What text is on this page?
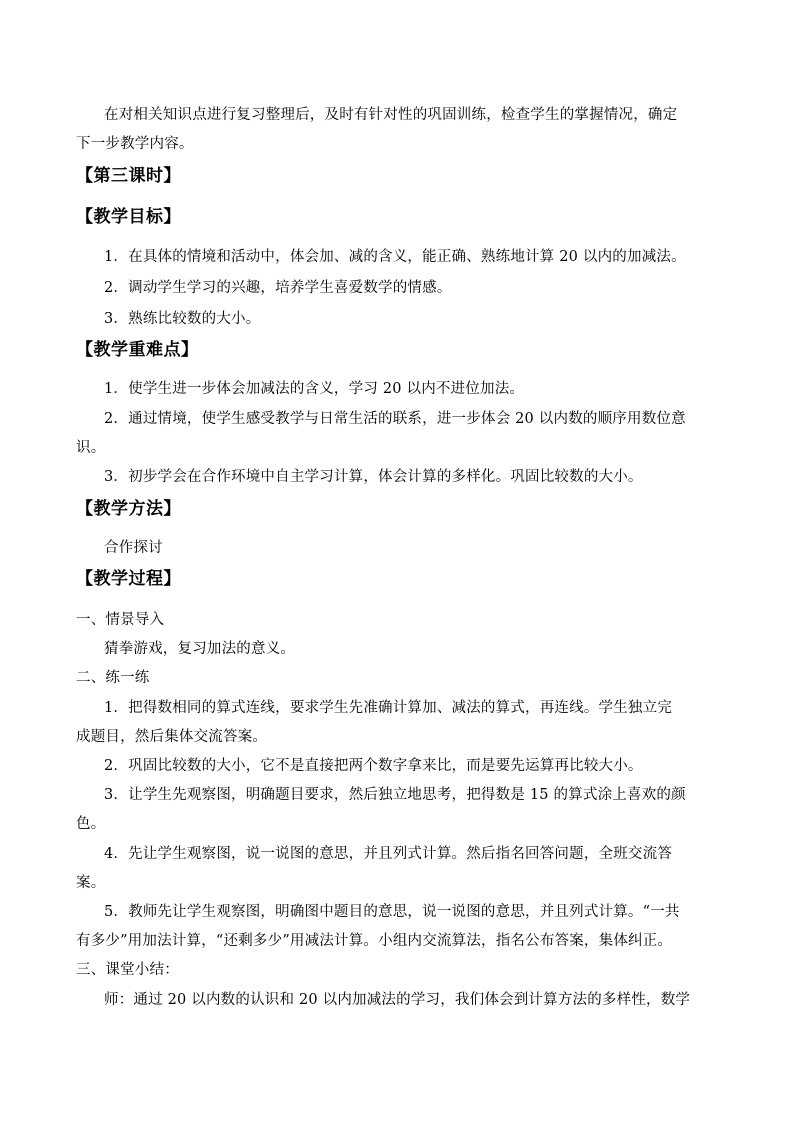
在对相关知识点进行复习整理后，及时有针对性的巩固训练，检查学生的掌握情况，确定
下一步教学内容。
【第三课时】
【教学目标】
1．在具体的情境和活动中，体会加、减的含义，能正确、熟练地计算 20 以内的加减法。
2．调动学生学习的兴趣，培养学生喜爱数学的情感。
3．熟练比较数的大小。
【教学重难点】
1．使学生进一步体会加减法的含义，学习 20 以内不进位加法。
2．通过情境，使学生感受教学与日常生活的联系，进一步体会 20 以内数的顺序用数位意
识。
3．初步学会在合作环境中自主学习计算，体会计算的多样化。巩固比较数的大小。
【教学方法】
合作探讨
【教学过程】
一、情景导入
猜拳游戏，复习加法的意义。
二、练一练
1．把得数相同的算式连线，要求学生先准确计算加、减法的算式，再连线。学生独立完
成题目，然后集体交流答案。
2．巩固比较数的大小，它不是直接把两个数字拿来比，而是要先运算再比较大小。
3．让学生先观察图，明确题目要求，然后独立地思考，把得数是 15 的算式涂上喜欢的颜
色。
4．先让学生观察图，说一说图的意思，并且列式计算。然后指名回答问题，全班交流答
案。
5．教师先让学生观察图，明确图中题目的意思，说一说图的意思，并且列式计算。“一共
有多少”用加法计算，“还剩多少”用减法计算。小组内交流算法，指名公布答案，集体纠正。
三、课堂小结：
师：通过 20 以内数的认识和 20 以内加减法的学习，我们体会到计算方法的多样性，数学
